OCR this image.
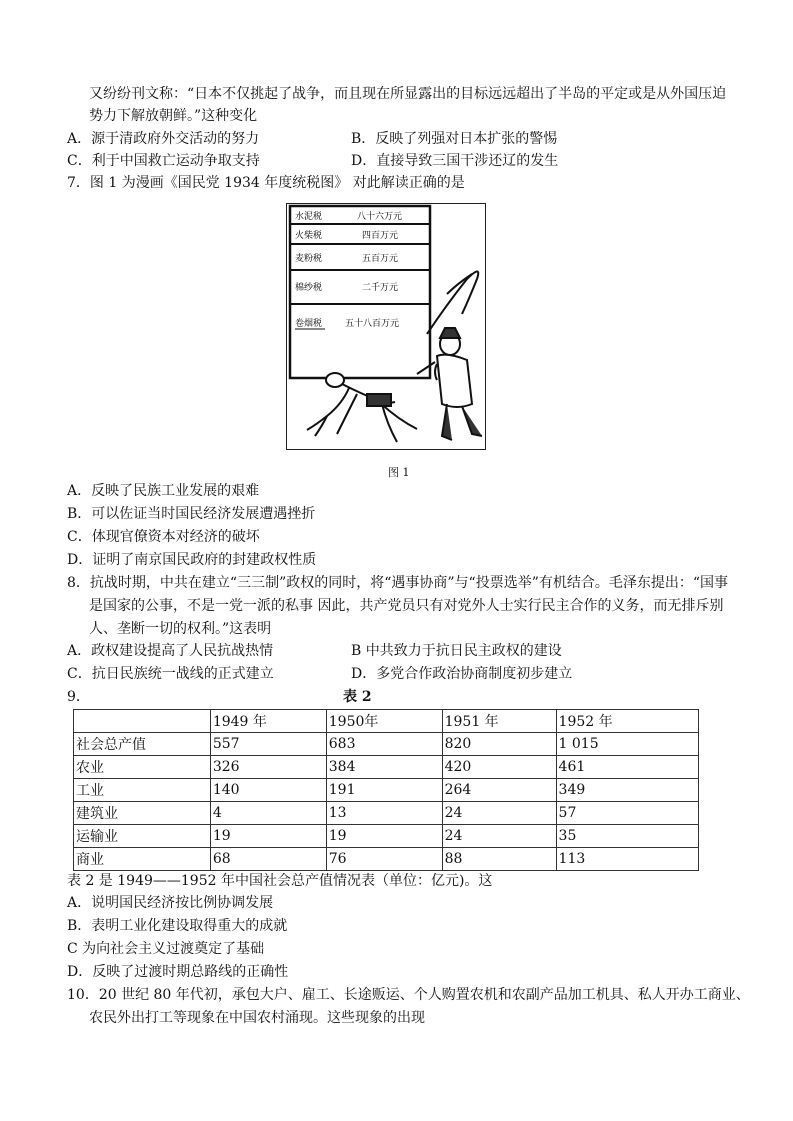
又纷纷刊文称：“日本不仅挑起了战争，而且现在所显露出的目标远远超出了半岛的平定或是从外国压迫
势力下解放朝鲜。”这种变化
A．源于清政府外交活动的努力	B．反映了列强对日本扩张的警惕
C．利于中国救亡运动争取支持	D．直接导致三国干涉还辽的发生
7．图 1 为漫画《国民党 1934 年度统税图》 对此解读正确的是
水泥税	八十六万元
火柴税	四百万元
麦粉税	五百万元
棉纱税	二千万元
卷烟税	五十八百万元
图 1
A．反映了民族工业发展的艰难
B．可以佐证当时国民经济发展遭遇挫折
C．体现官僚资本对经济的破坏
D．证明了南京国民政府的封建政权性质
8．抗战时期，中共在建立“三三制”政权的同时，将“遇事协商”与“投票选举”有机结合。毛泽东提出：“国事
是国家的公事，不是一党一派的私事 因此，共产党员只有对党外人士实行民主合作的义务，而无排斥别
人、垄断一切的权利。”这表明
A．政权建设提高了人民抗战热情	B 中共致力于抗日民主政权的建设
C．抗日民族统一战线的正式建立	D．多党合作政治协商制度初步建立
9．	表 2
	1949 年	1950年	1951 年	1952 年
社会总产值	557	683	820	1 015
农业	326	384	420	461
工业	140	191	264	349
建筑业	4	13	24	57
运输业	19	19	24	35
商业	68	76	88	113
表 2 是 1949——1952 年中国社会总产值情况表（单位：亿元)。这
A．说明国民经济按比例协调发展
B．表明工业化建设取得重大的成就
C 为向社会主义过渡奠定了基础
D．反映了过渡时期总路线的正确性
10．20 世纪 80 年代初，承包大户、雇工、长途贩运、个人购置农机和农副产品加工机具、私人开办工商业、
农民外出打工等现象在中国农村涌现。这些现象的出现
